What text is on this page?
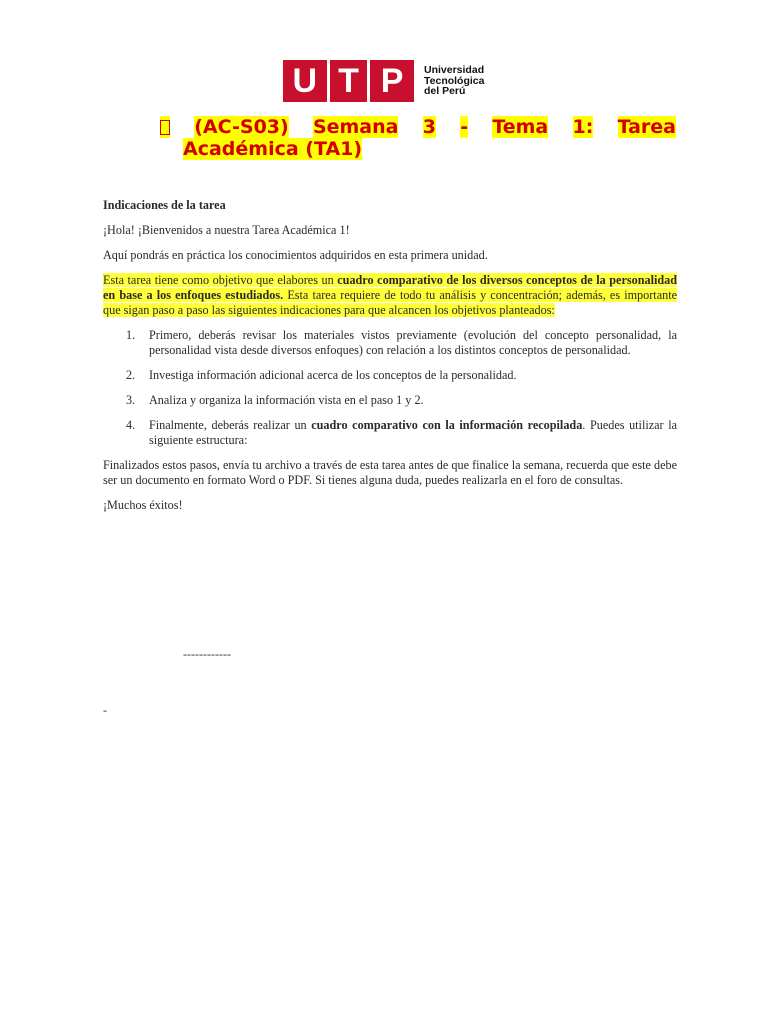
U T P	Universidad
Tecnológica
del Perú
(AC-S03) Semana 3 - Tema 1: Tarea
Académica (TA1)

Indicaciones de la tarea

¡Hola! ¡Bienvenidos a nuestra Tarea Académica 1!

Aquí pondrás en práctica los conocimientos adquiridos en esta primera unidad.

Esta tarea tiene como objetivo que elabores un cuadro comparativo de los diversos conceptos de la personalidad en base a los enfoques estudiados. Esta tarea requiere de todo tu análisis y concentración; además, es importante que sigan paso a paso las siguientes indicaciones para que alcancen los objetivos planteados:

1. Primero, deberás revisar los materiales vistos previamente (evolución del concepto personalidad, la personalidad vista desde diversos enfoques) con relación a los distintos conceptos de personalidad.
2. Investiga información adicional acerca de los conceptos de la personalidad.
3. Analiza y organiza la información vista en el paso 1 y 2.
4. Finalmente, deberás realizar un cuadro comparativo con la información recopilada. Puedes utilizar la siguiente estructura:

Finalizados estos pasos, envía tu archivo a través de esta tarea antes de que finalice la semana, recuerda que este debe ser un documento en formato Word o PDF. Si tienes alguna duda, puedes realizarla en el foro de consultas.

¡Muchos éxitos!

------------
-
